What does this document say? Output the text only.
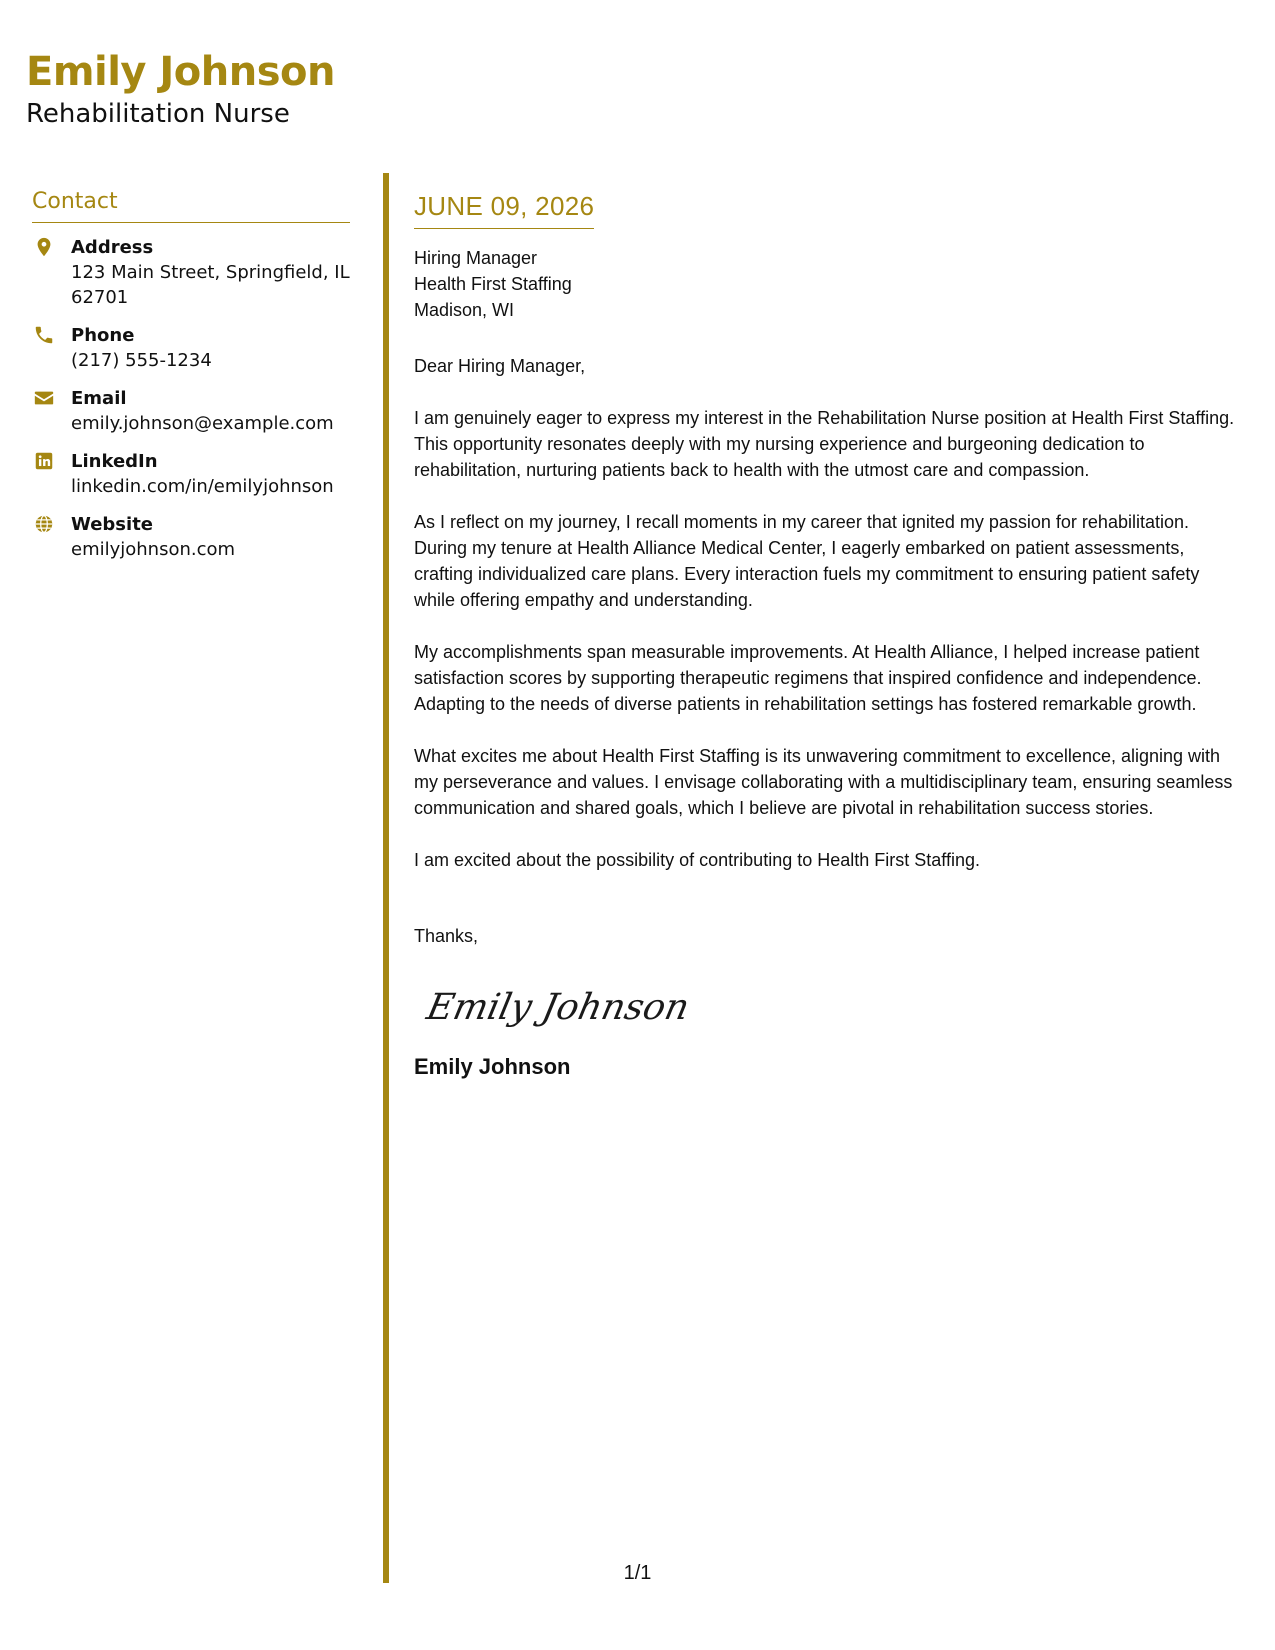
Emily Johnson
Rehabilitation Nurse
Contact
Address
123 Main Street, Springfield, IL 62701
Phone
(217) 555-1234
Email
emily.johnson@example.com
LinkedIn
linkedin.com/in/emilyjohnson
Website
emilyjohnson.com
JUNE 09, 2026
Hiring Manager
Health First Staffing
Madison, WI
Dear Hiring Manager,
I am genuinely eager to express my interest in the Rehabilitation Nurse position at Health First Staffing. This opportunity resonates deeply with my nursing experience and burgeoning dedication to rehabilitation, nurturing patients back to health with the utmost care and compassion.
As I reflect on my journey, I recall moments in my career that ignited my passion for rehabilitation. During my tenure at Health Alliance Medical Center, I eagerly embarked on patient assessments, crafting individualized care plans. Every interaction fuels my commitment to ensuring patient safety while offering empathy and understanding.
My accomplishments span measurable improvements. At Health Alliance, I helped increase patient satisfaction scores by supporting therapeutic regimens that inspired confidence and independence. Adapting to the needs of diverse patients in rehabilitation settings has fostered remarkable growth.
What excites me about Health First Staffing is its unwavering commitment to excellence, aligning with my perseverance and values. I envisage collaborating with a multidisciplinary team, ensuring seamless communication and shared goals, which I believe are pivotal in rehabilitation success stories.
I am excited about the possibility of contributing to Health First Staffing.
Thanks,
Emily Johnson
Emily Johnson
1/1
